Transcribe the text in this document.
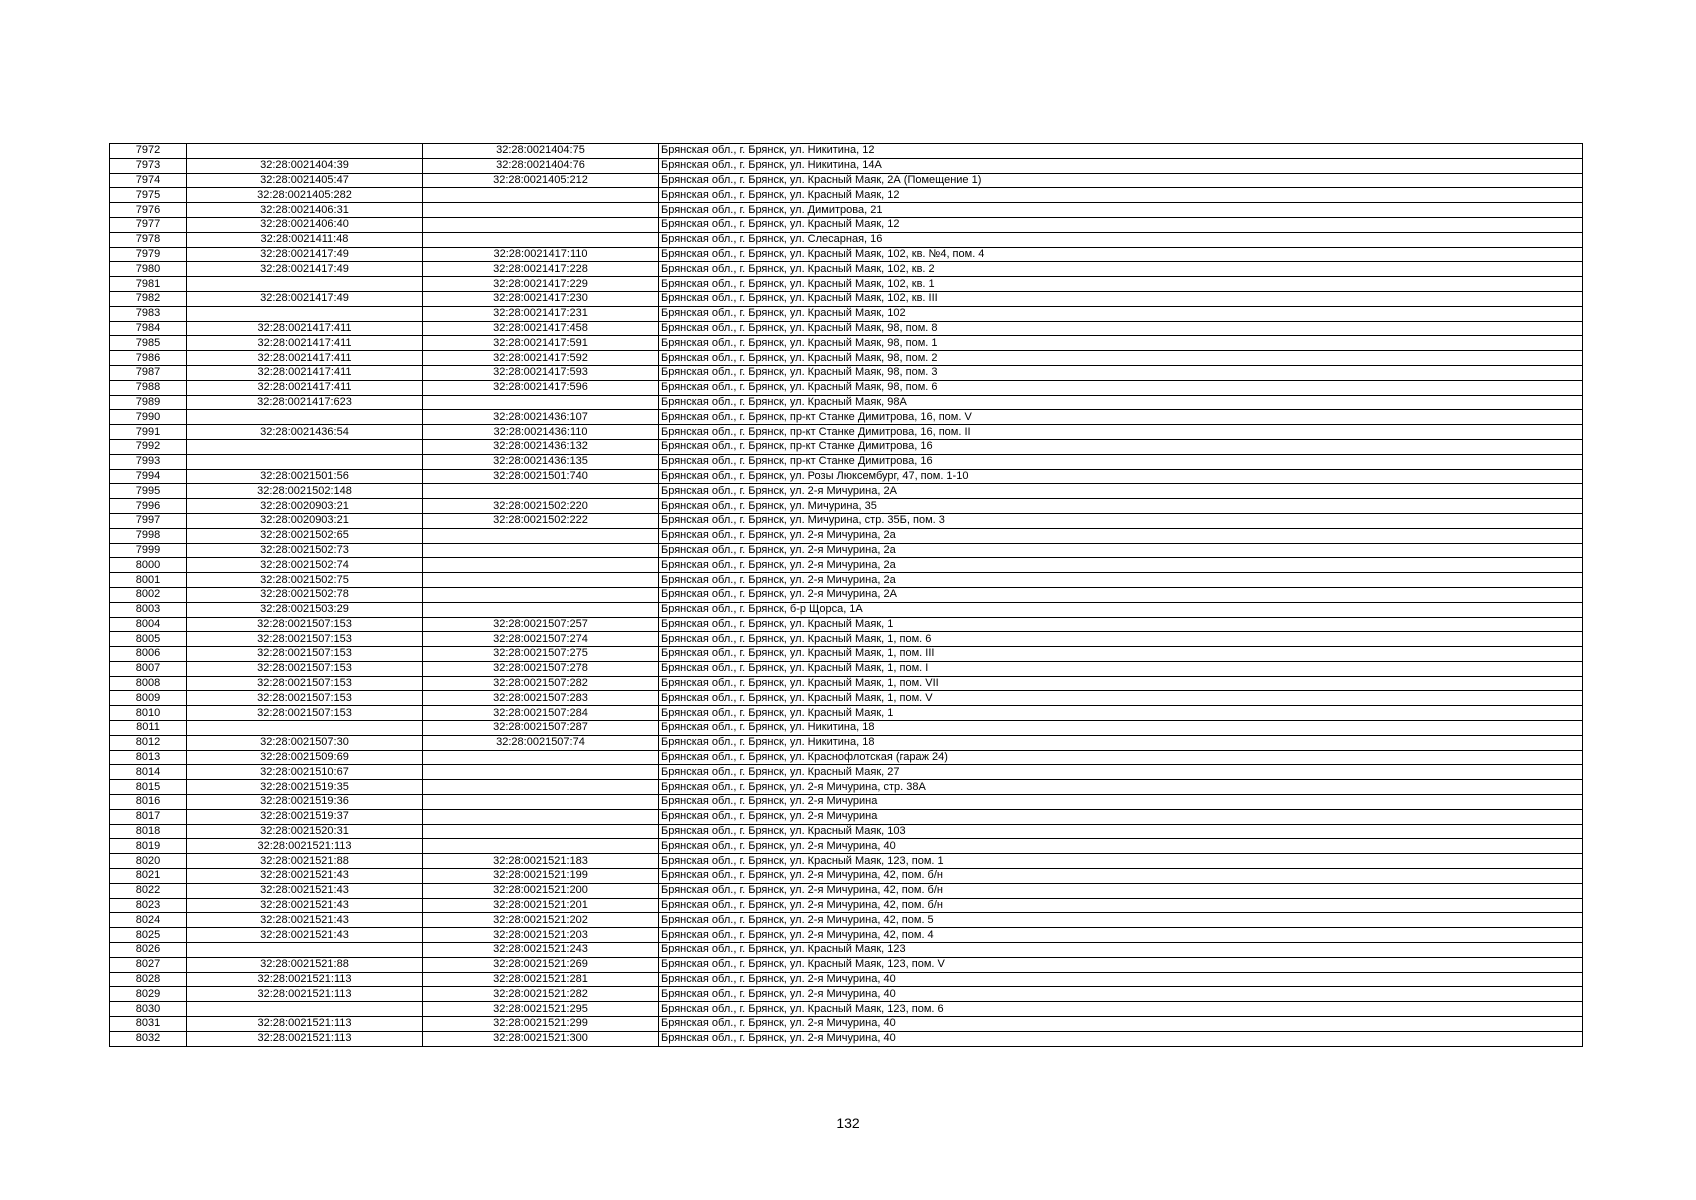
7972		32:28:0021404:75	Брянская обл., г. Брянск, ул. Никитина, 12
7973	32:28:0021404:39	32:28:0021404:76	Брянская обл., г. Брянск, ул. Никитина, 14А
7974	32:28:0021405:47	32:28:0021405:212	Брянская обл., г. Брянск, ул. Красный Маяк, 2А (Помещение 1)
7975	32:28:0021405:282		Брянская обл., г. Брянск, ул. Красный Маяк, 12
7976	32:28:0021406:31		Брянская обл., г. Брянск, ул. Димитрова, 21
7977	32:28:0021406:40		Брянская обл., г. Брянск, ул. Красный Маяк, 12
7978	32:28:0021411:48		Брянская обл., г. Брянск, ул. Слесарная, 16
7979	32:28:0021417:49	32:28:0021417:110	Брянская обл., г. Брянск, ул. Красный Маяк, 102, кв. №4, пом. 4
7980	32:28:0021417:49	32:28:0021417:228	Брянская обл., г. Брянск, ул. Красный Маяк, 102, кв. 2
7981		32:28:0021417:229	Брянская обл., г. Брянск, ул. Красный Маяк, 102, кв. 1
7982	32:28:0021417:49	32:28:0021417:230	Брянская обл., г. Брянск, ул. Красный Маяк, 102, кв. III
7983		32:28:0021417:231	Брянская обл., г. Брянск, ул. Красный Маяк, 102
7984	32:28:0021417:411	32:28:0021417:458	Брянская обл., г. Брянск, ул. Красный Маяк, 98, пом. 8
7985	32:28:0021417:411	32:28:0021417:591	Брянская обл., г. Брянск, ул. Красный Маяк, 98, пом. 1
7986	32:28:0021417:411	32:28:0021417:592	Брянская обл., г. Брянск, ул. Красный Маяк, 98, пом. 2
7987	32:28:0021417:411	32:28:0021417:593	Брянская обл., г. Брянск, ул. Красный Маяк, 98, пом. 3
7988	32:28:0021417:411	32:28:0021417:596	Брянская обл., г. Брянск, ул. Красный Маяк, 98, пом. 6
7989	32:28:0021417:623		Брянская обл., г. Брянск, ул. Красный Маяк, 98А
7990		32:28:0021436:107	Брянская обл., г. Брянск, пр-кт Станке Димитрова, 16, пом. V
7991	32:28:0021436:54	32:28:0021436:110	Брянская обл., г. Брянск, пр-кт Станке Димитрова, 16, пом. II
7992		32:28:0021436:132	Брянская обл., г. Брянск, пр-кт Станке Димитрова, 16
7993		32:28:0021436:135	Брянская обл., г. Брянск, пр-кт Станке Димитрова, 16
7994	32:28:0021501:56	32:28:0021501:740	Брянская обл., г. Брянск, ул. Розы Люксембург, 47, пом. 1-10
7995	32:28:0021502:148		Брянская обл., г. Брянск, ул. 2-я Мичурина, 2А
7996	32:28:0020903:21	32:28:0021502:220	Брянская обл., г. Брянск, ул. Мичурина, 35
7997	32:28:0020903:21	32:28:0021502:222	Брянская обл., г. Брянск, ул. Мичурина, стр. 35Б, пом. 3
7998	32:28:0021502:65		Брянская обл., г. Брянск, ул. 2-я Мичурина, 2а
7999	32:28:0021502:73		Брянская обл., г. Брянск, ул. 2-я Мичурина, 2а
8000	32:28:0021502:74		Брянская обл., г. Брянск, ул. 2-я Мичурина, 2а
8001	32:28:0021502:75		Брянская обл., г. Брянск, ул. 2-я Мичурина, 2а
8002	32:28:0021502:78		Брянская обл., г. Брянск, ул. 2-я Мичурина, 2А
8003	32:28:0021503:29		Брянская обл., г. Брянск, б-р Щорса, 1А
8004	32:28:0021507:153	32:28:0021507:257	Брянская обл., г. Брянск, ул. Красный Маяк, 1
8005	32:28:0021507:153	32:28:0021507:274	Брянская обл., г. Брянск, ул. Красный Маяк, 1, пом. 6
8006	32:28:0021507:153	32:28:0021507:275	Брянская обл., г. Брянск, ул. Красный Маяк, 1, пом. III
8007	32:28:0021507:153	32:28:0021507:278	Брянская обл., г. Брянск, ул. Красный Маяк, 1, пом. I
8008	32:28:0021507:153	32:28:0021507:282	Брянская обл., г. Брянск, ул. Красный Маяк, 1, пом. VII
8009	32:28:0021507:153	32:28:0021507:283	Брянская обл., г. Брянск, ул. Красный Маяк, 1, пом. V
8010	32:28:0021507:153	32:28:0021507:284	Брянская обл., г. Брянск, ул. Красный Маяк, 1
8011		32:28:0021507:287	Брянская обл., г. Брянск, ул. Никитина, 18
8012	32:28:0021507:30	32:28:0021507:74	Брянская обл., г. Брянск, ул. Никитина, 18
8013	32:28:0021509:69		Брянская обл., г. Брянск, ул. Краснофлотская (гараж 24)
8014	32:28:0021510:67		Брянская обл., г. Брянск, ул. Красный Маяк, 27
8015	32:28:0021519:35		Брянская обл., г. Брянск, ул. 2-я Мичурина, стр. 38А
8016	32:28:0021519:36		Брянская обл., г. Брянск, ул. 2-я Мичурина
8017	32:28:0021519:37		Брянская обл., г. Брянск, ул. 2-я Мичурина
8018	32:28:0021520:31		Брянская обл., г. Брянск, ул. Красный Маяк, 103
8019	32:28:0021521:113		Брянская обл., г. Брянск, ул. 2-я Мичурина, 40
8020	32:28:0021521:88	32:28:0021521:183	Брянская обл., г. Брянск, ул. Красный Маяк, 123, пом. 1
8021	32:28:0021521:43	32:28:0021521:199	Брянская обл., г. Брянск, ул. 2-я Мичурина, 42, пом. б/н
8022	32:28:0021521:43	32:28:0021521:200	Брянская обл., г. Брянск, ул. 2-я Мичурина, 42, пом. б/н
8023	32:28:0021521:43	32:28:0021521:201	Брянская обл., г. Брянск, ул. 2-я Мичурина, 42, пом. б/н
8024	32:28:0021521:43	32:28:0021521:202	Брянская обл., г. Брянск, ул. 2-я Мичурина, 42, пом. 5
8025	32:28:0021521:43	32:28:0021521:203	Брянская обл., г. Брянск, ул. 2-я Мичурина, 42, пом. 4
8026		32:28:0021521:243	Брянская обл., г. Брянск, ул. Красный Маяк, 123
8027	32:28:0021521:88	32:28:0021521:269	Брянская обл., г. Брянск, ул. Красный Маяк, 123, пом. V
8028	32:28:0021521:113	32:28:0021521:281	Брянская обл., г. Брянск, ул. 2-я Мичурина, 40
8029	32:28:0021521:113	32:28:0021521:282	Брянская обл., г. Брянск, ул. 2-я Мичурина, 40
8030		32:28:0021521:295	Брянская обл., г. Брянск, ул. Красный Маяк, 123, пом. 6
8031	32:28:0021521:113	32:28:0021521:299	Брянская обл., г. Брянск, ул. 2-я Мичурина, 40
8032	32:28:0021521:113	32:28:0021521:300	Брянская обл., г. Брянск, ул. 2-я Мичурина, 40
132
